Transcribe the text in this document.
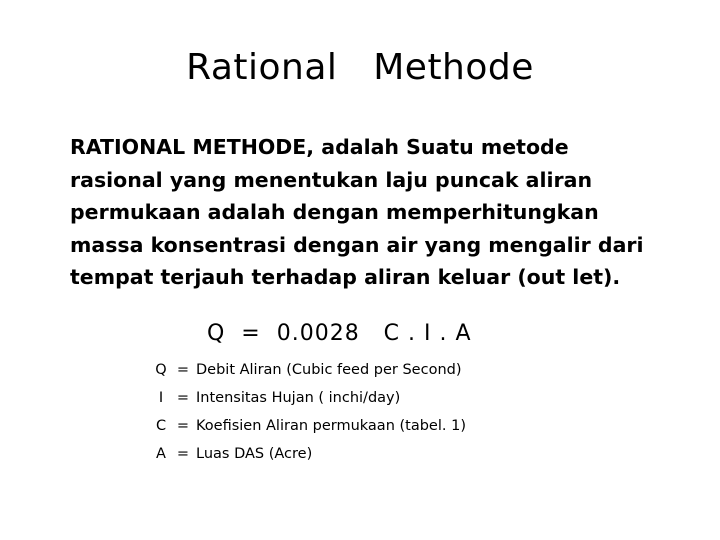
Rational   Methode
RATIONAL METHODE, adalah Suatu metode
rasional yang menentukan laju puncak aliran
permukaan adalah dengan memperhitungkan
massa konsentrasi dengan air yang mengalir dari
tempat terjauh terhadap aliran keluar (out let).
Q  =  0.0028   C . I . A
Q = Debit Aliran (Cubic feed per Second)
I = Intensitas Hujan ( inchi/day)
C = Koefisien Aliran permukaan (tabel. 1)
A = Luas DAS (Acre)
